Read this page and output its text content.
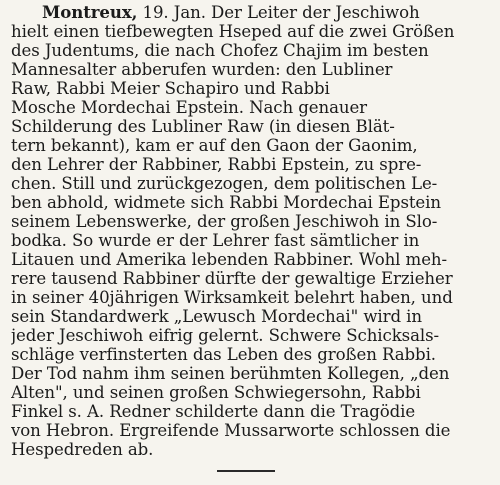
Montreux, 19. Jan. Der Leiter der Jeschiwoh
hielt einen tiefbewegten Hseped auf die zwei Größen
des Judentums, die nach Chofez Chajim im besten
Mannesalter abberufen wurden: den Lubliner
Raw, Rabbi Meier Schapiro und Rabbi
Mosche Mordechai Epstein. Nach genauer
Schilderung des Lubliner Raw (in diesen Blät-
tern bekannt), kam er auf den Gaon der Gaonim,
den Lehrer der Rabbiner, Rabbi Epstein, zu spre-
chen. Still und zurückgezogen, dem politischen Le-
ben abhold, widmete sich Rabbi Mordechai Epstein
seinem Lebenswerke, der großen Jeschiwoh in Slo-
bodka. So wurde er der Lehrer fast sämtlicher in
Litauen und Amerika lebenden Rabbiner. Wohl meh-
rere tausend Rabbiner dürfte der gewaltige Erzieher
in seiner 40jährigen Wirksamkeit belehrt haben, und
sein Standardwerk „Lewusch Mordechai" wird in
jeder Jeschiwoh eifrig gelernt. Schwere Schicksals-
schläge verfinsterten das Leben des großen Rabbi.
Der Tod nahm ihm seinen berühmten Kollegen, „den
Alten", und seinen großen Schwiegersohn, Rabbi
Finkel s. A. Redner schilderte dann die Tragödie
von Hebron. Ergreifende Mussarworte schlossen die
Hespedreden ab.
